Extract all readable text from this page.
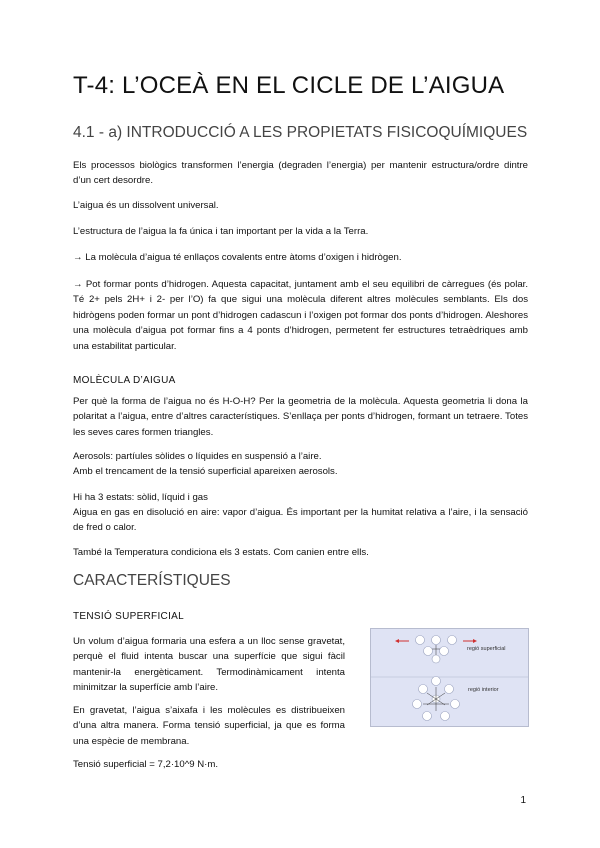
T-4: L’OCEÀ EN EL CICLE DE L’AIGUA
4.1 - a) INTRODUCCIÓ A LES PROPIETATS FISICOQUÍMIQUES

Els processos biològics transformen l’energia (degraden l’energia) per mantenir estructura/ordre dintre d’un cert desordre.

L’aigua és un dissolvent universal.

L’estructura de l’aigua la fa única i tan important per la vida a la Terra.

→ La molècula d’aigua té enllaços covalents entre àtoms d’oxigen i hidrògen.

→ Pot formar ponts d’hidrogen. Aquesta capacitat, juntament amb el seu equilibri de càrregues (és polar. Té 2+ pels 2H+ i 2- per l’O) fa que sigui una molècula diferent altres molècules semblants. Els dos hidrògens poden formar un pont d’hidrogen cadascun i l’oxigen pot formar dos ponts d’hidrogen. Aleshores una molècula d’aigua pot formar fins a 4 ponts d’hidrogen, permetent fer estructures tetraèdriques amb una estabilitat particular.

MOLÈCULA D’AIGUA

Per què la forma de l’aigua no és H-O-H? Per la geometria de la molècula. Aquesta geometria li dona la polaritat a l’aigua, entre d’altres característiques. S’enllaça per ponts d’hidrogen, formant un tetraere. Totes les seves cares formen triangles.

Aerosols: partíules sòlides o líquides en suspensió a l’aire.

Amb el trencament de la tensió superficial apareixen aerosols.

Hi ha 3 estats: sòlid, líquid i gas

Aigua en gas en disolució en aire: vapor d’aigua. És important per la humitat relativa a l’aire, i la sensació de fred o calor.

També la Temperatura condiciona els 3 estats. Com canien entre ells.

CARACTERÍSTIQUES
TENSIÓ SUPERFICIAL

Un volum d’aigua formaria una esfera a un lloc sense gravetat, perquè el fluid intenta buscar una superfície que sigui fàcil mantenir-la energèticament. Termodinàmicament intenta minimitzar la superfície amb l’aire.

En gravetat, l’aigua s’aixafa i les molècules es distribueixen d’una altra manera. Forma tensió superficial, ja que es forma una espècie de membrana.

Tensió superficial = 7,2·10^9 N·m.

regió superficial
regió interior
1
